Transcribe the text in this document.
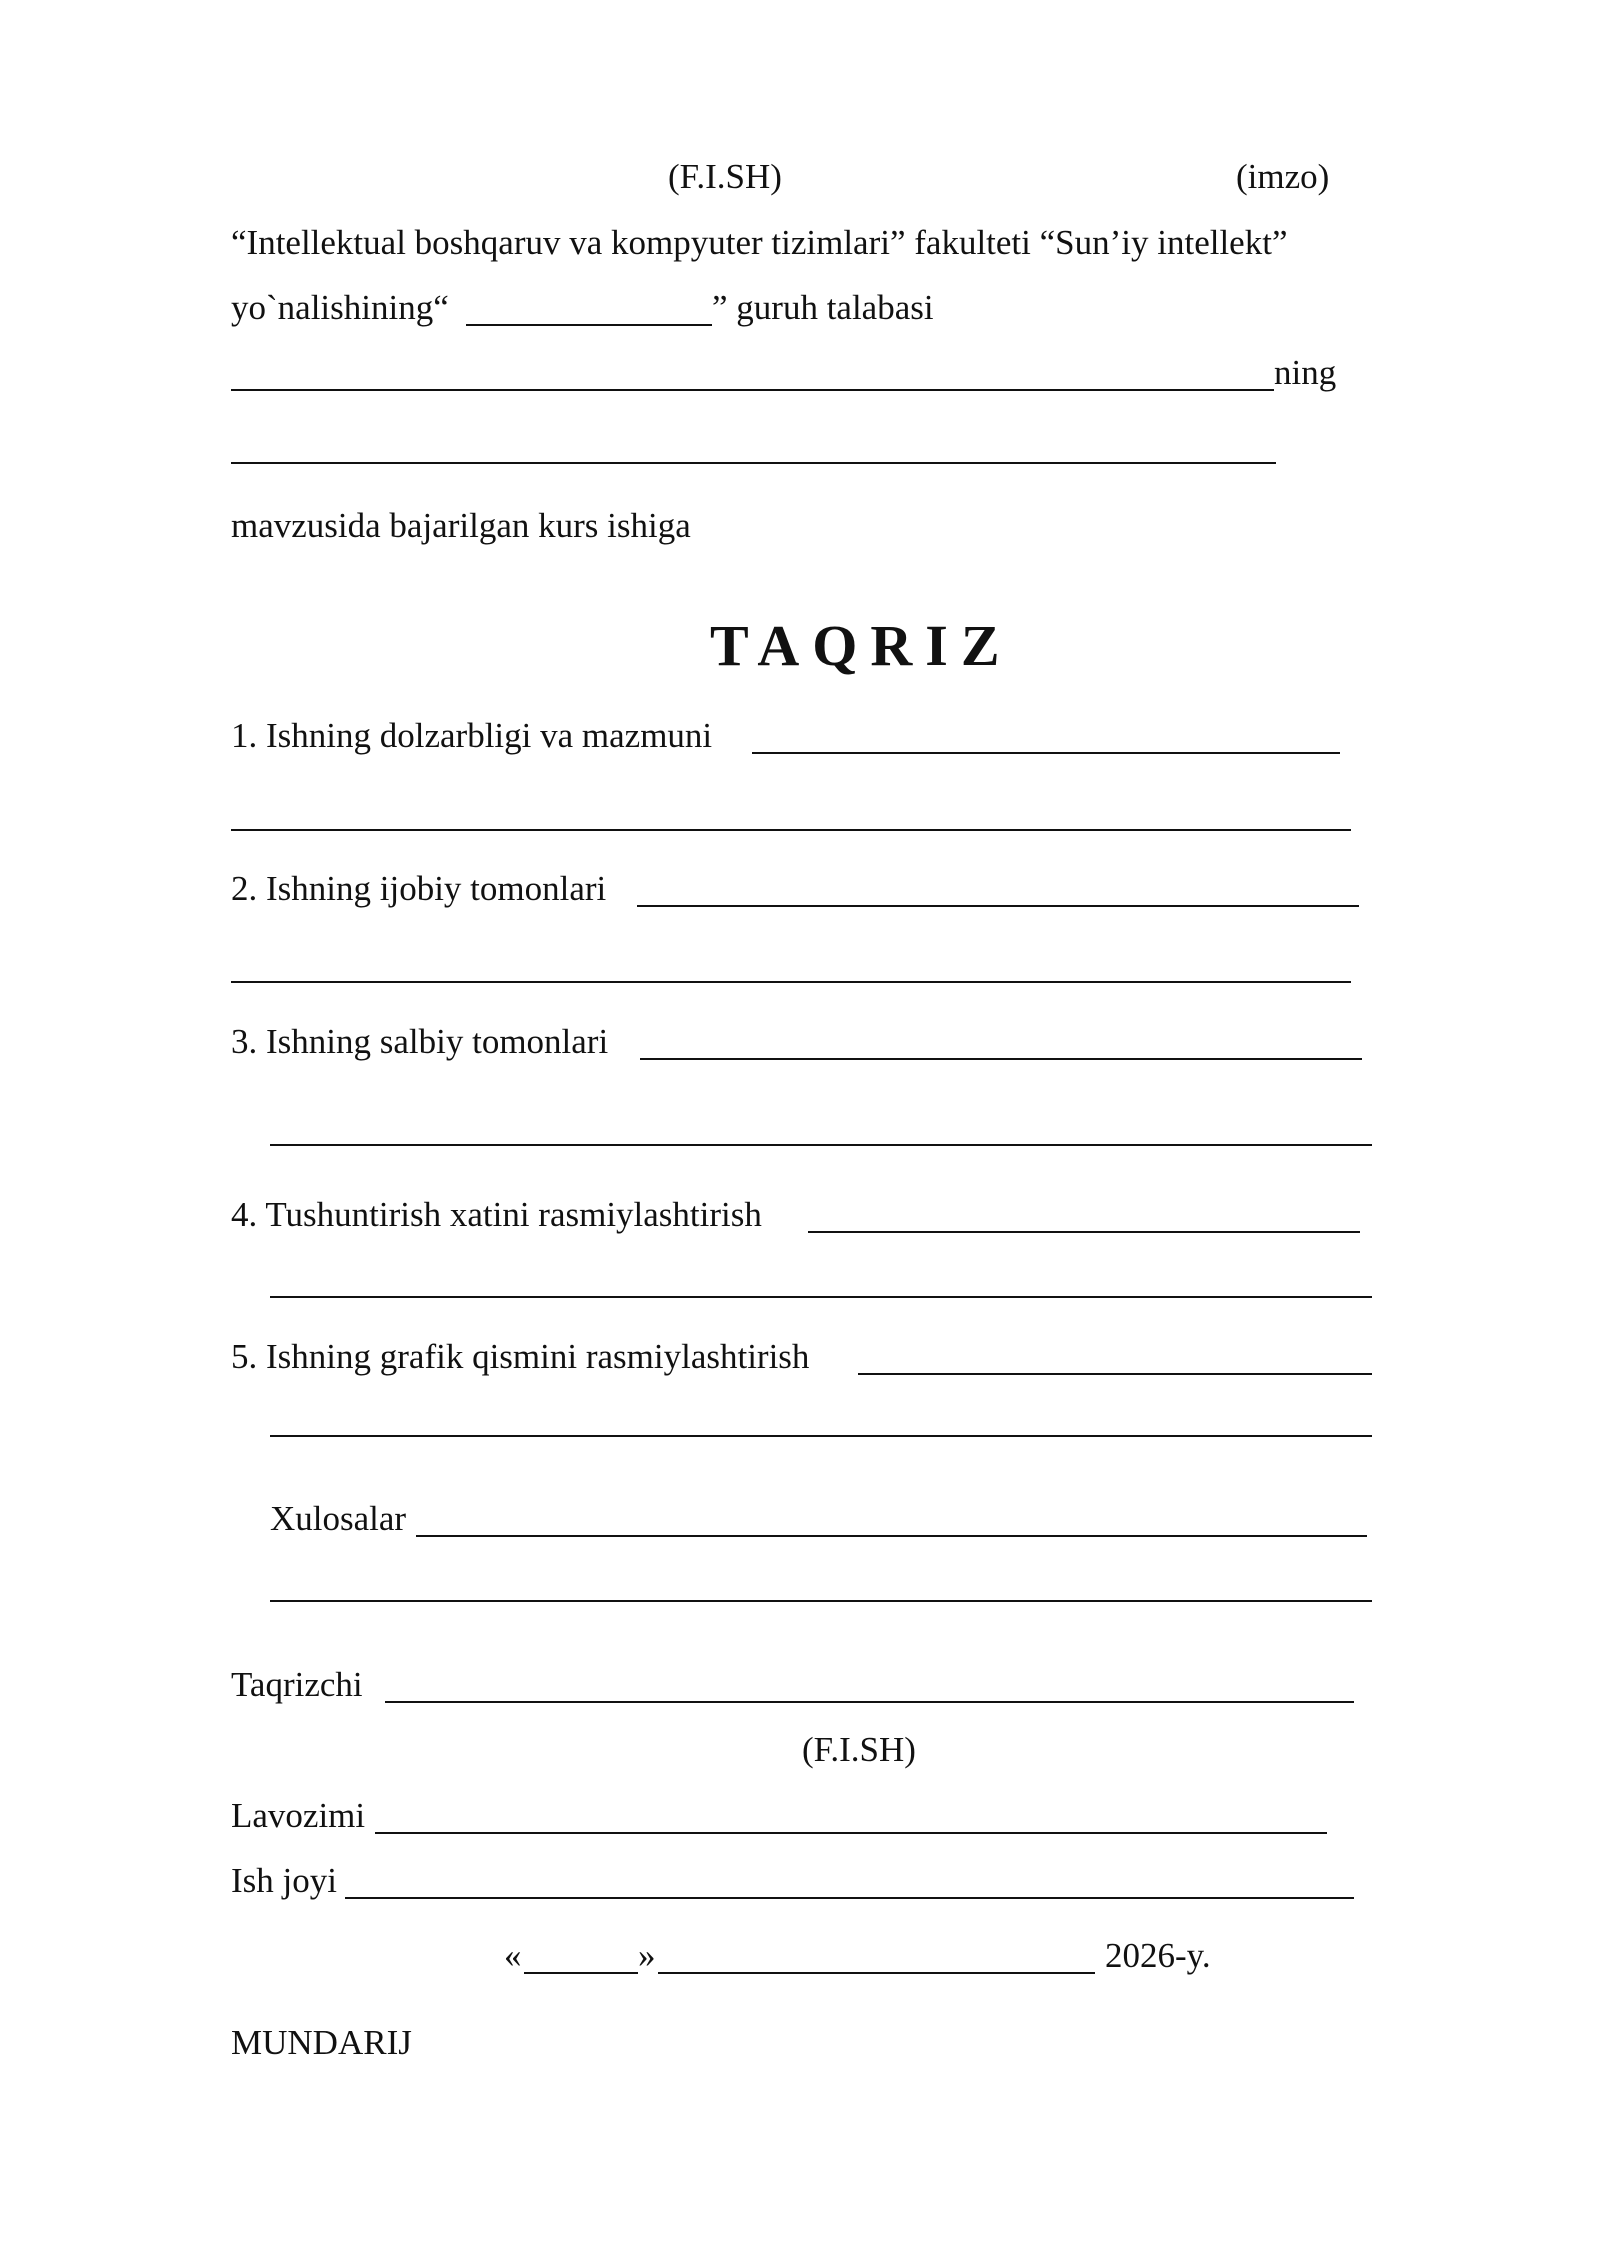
(F.I.SH)	(imzo)
“Intellektual boshqaruv va kompyuter tizimlari” fakulteti “Sun’iy intellekt”
yo`nalishining“	” guruh talabasi
ning
mavzusida bajarilgan kurs ishiga
TAQRIZ
1. Ishning dolzarbligi va mazmuni
2. Ishning ijobiy tomonlari
3. Ishning salbiy tomonlari
4. Tushuntirish xatini rasmiylashtirish
5. Ishning grafik qismini rasmiylashtirish
Xulosalar
Taqrizchi
(F.I.SH)
Lavozimi
Ish joyi
«	»	2026-y.
MUNDARIJ
